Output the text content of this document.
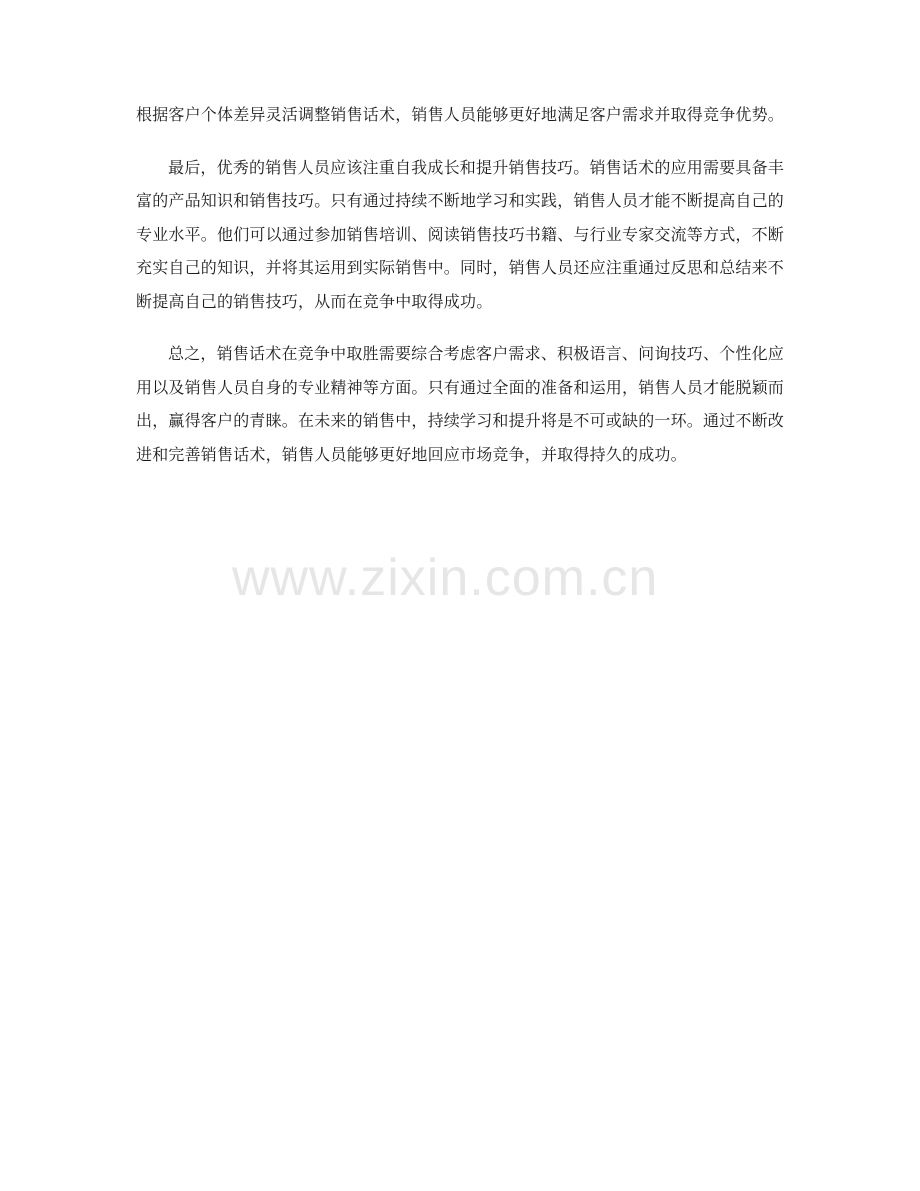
根据客户个体差异灵活调整销售话术，销售人员能够更好地满足客户需求并取得竞争优势。

最后，优秀的销售人员应该注重自我成长和提升销售技巧。销售话术的应用需要具备丰富的产品知识和销售技巧。只有通过持续不断地学习和实践，销售人员才能不断提高自己的专业水平。他们可以通过参加销售培训、阅读销售技巧书籍、与行业专家交流等方式，不断充实自己的知识，并将其运用到实际销售中。同时，销售人员还应注重通过反思和总结来不断提高自己的销售技巧，从而在竞争中取得成功。

总之，销售话术在竞争中取胜需要综合考虑客户需求、积极语言、问询技巧、个性化应用以及销售人员自身的专业精神等方面。只有通过全面的准备和运用，销售人员才能脱颖而出，赢得客户的青睐。在未来的销售中，持续学习和提升将是不可或缺的一环。通过不断改进和完善销售话术，销售人员能够更好地回应市场竞争，并取得持久的成功。

www.zixin.com.cn
